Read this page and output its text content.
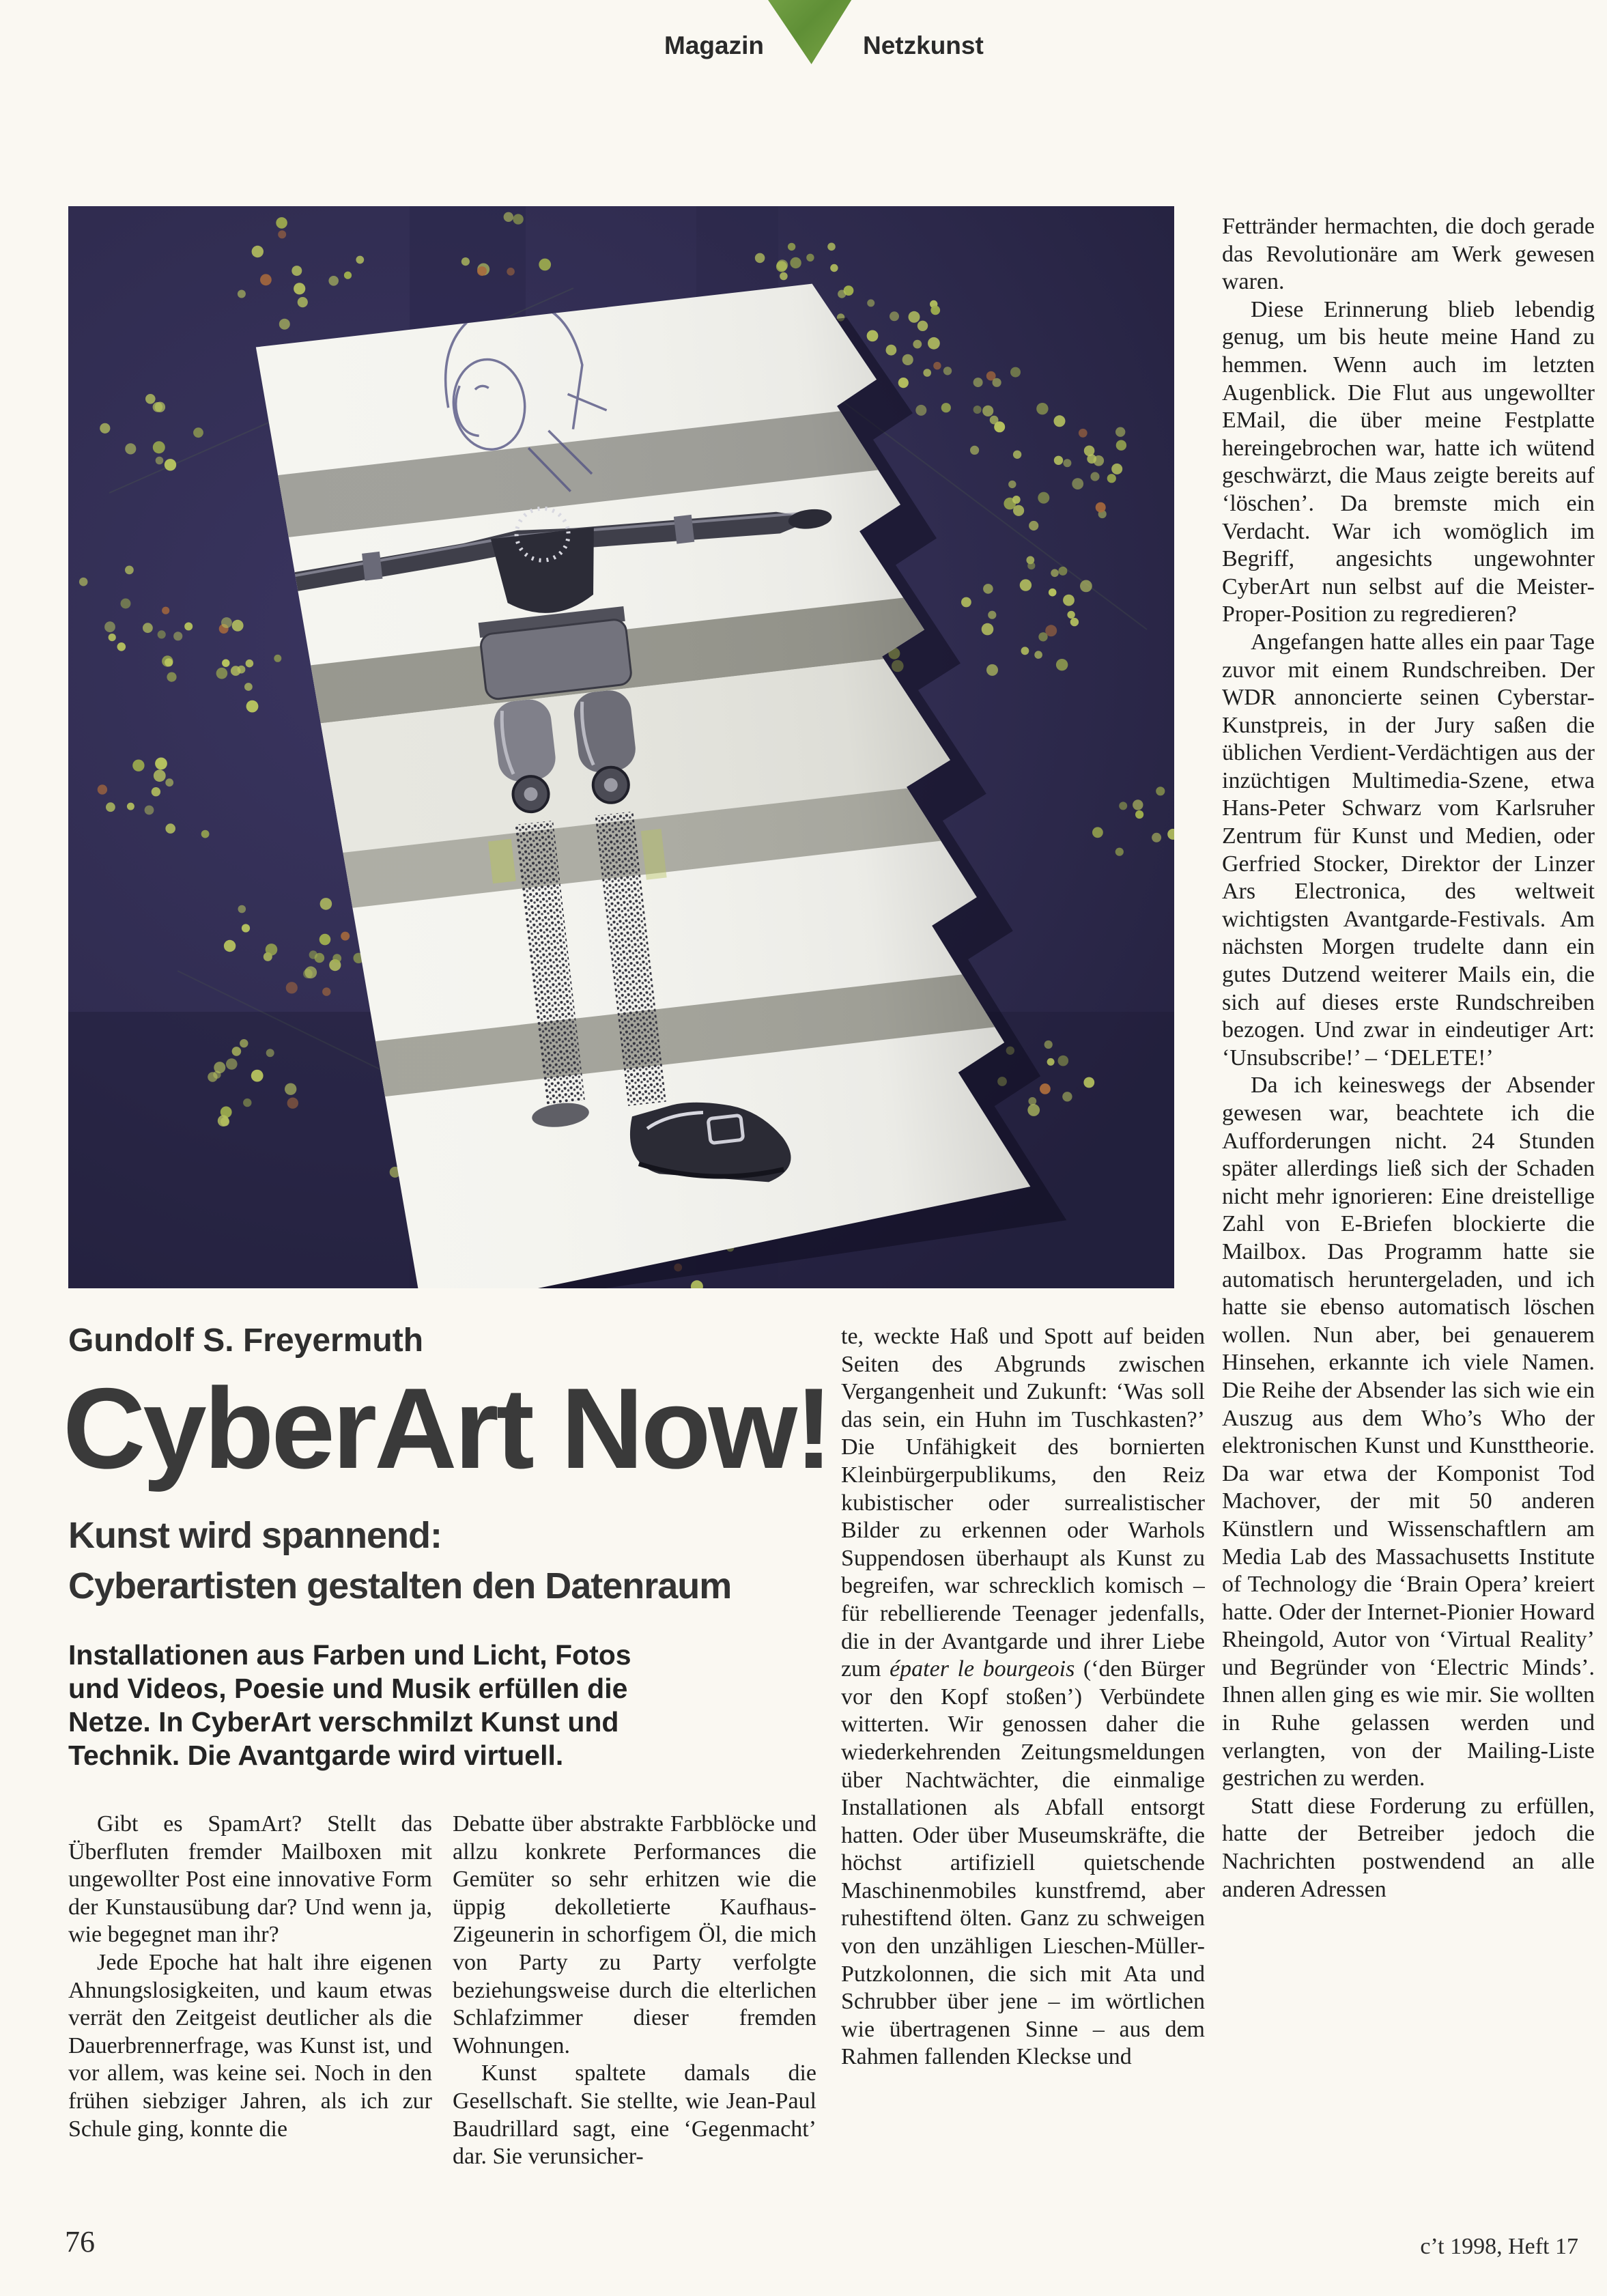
Magazin	Netzkunst

Fettränder hermachten, die doch gerade das Revolutionäre am Werk gewesen waren.

Diese Erinnerung blieb lebendig genug, um bis heute meine Hand zu hemmen. Wenn auch im letzten Augenblick. Die Flut aus ungewollter EMail, die über meine Festplatte hereingebrochen war, hatte ich wütend geschwärzt, die Maus zeigte bereits auf ‘löschen’. Da bremste mich ein Verdacht. War ich womöglich im Begriff, angesichts ungewohnter CyberArt nun selbst auf die Meister-Proper-Position zu regredieren?

Angefangen hatte alles ein paar Tage zuvor mit einem Rundschreiben. Der WDR annoncierte seinen Cyberstar-Kunstpreis, in der Jury saßen die üblichen Verdient-Verdächtigen aus der inzüchtigen Multimedia-Szene, etwa Hans-Peter Schwarz vom Karlsruher Zentrum für Kunst und Medien, oder Gerfried Stocker, Direktor der Linzer Ars Electronica, des weltweit wichtigsten Avantgarde-Festivals. Am nächsten Morgen trudelte dann ein gutes Dutzend weiterer Mails ein, die sich auf dieses erste Rundschreiben bezogen. Und zwar in eindeutiger Art: ‘Unsubscribe!’ – ‘DELETE!’

Da ich keineswegs der Absender gewesen war, beachtete ich die Aufforderungen nicht. 24 Stunden später allerdings ließ sich der Schaden nicht mehr ignorieren: Eine dreistellige Zahl von E-Briefen blockierte die Mailbox. Das Programm hatte sie automatisch heruntergeladen, und ich hatte sie ebenso automatisch löschen wollen. Nun aber, bei genauerem Hinsehen, erkannte ich viele Namen. Die Reihe der Absender las sich wie ein Auszug aus dem Who’s Who der elektronischen Kunst und Kunsttheorie. Da war etwa der Komponist Tod Machover, der mit 50 anderen Künstlern und Wissenschaftlern am Media Lab des Massachusetts Institute of Technology die ‘Brain Opera’ kreiert hatte. Oder der Internet-Pionier Howard Rheingold, Autor von ‘Virtual Reality’ und Begründer von ‘Electric Minds’. Ihnen allen ging es wie mir. Sie wollten in Ruhe gelassen werden und verlangten, von der Mailing-Liste gestrichen zu werden.

Statt diese Forderung zu erfüllen, hatte der Betreiber jedoch die Nachrichten postwendend an alle anderen Adressen

te, weckte Haß und Spott auf beiden Seiten des Abgrunds zwischen Vergangenheit und Zukunft: ‘Was soll das sein, ein Huhn im Tuschkasten?’ Die Unfähigkeit des bornierten Kleinbürgerpublikums, den Reiz kubistischer oder surrealistischer Bilder zu erkennen oder Warhols Suppendosen überhaupt als Kunst zu begreifen, war schrecklich komisch – für rebellierende Teenager jedenfalls, die in der Avantgarde und ihrer Liebe zum épater le bourgeois (‘den Bürger vor den Kopf stoßen’) Verbündete witterten. Wir genossen daher die wiederkehrenden Zeitungsmeldungen über Nachtwächter, die einmalige Installationen als Abfall entsorgt hatten. Oder über Museumskräfte, die höchst artifiziell quietschende Maschinenmobiles kunstfremd, aber ruhestiftend ölten. Ganz zu schweigen von den unzähligen Lieschen-Müller-Putzkolonnen, die sich mit Ata und Schrubber über jene – im wörtlichen wie übertragenen Sinne – aus dem Rahmen fallenden Kleckse und

Gibt es SpamArt? Stellt das Überfluten fremder Mailboxen mit ungewollter Post eine innovative Form der Kunstausübung dar? Und wenn ja, wie begegnet man ihr?

Jede Epoche hat halt ihre eigenen Ahnungslosigkeiten, und kaum etwas verrät den Zeitgeist deutlicher als die Dauerbrennerfrage, was Kunst ist, und vor allem, was keine sei. Noch in den frühen siebziger Jahren, als ich zur Schule ging, konnte die

Debatte über abstrakte Farbblöcke und allzu konkrete Performances die Gemüter so sehr erhitzen wie die üppig dekolletierte Kaufhaus-Zigeunerin in schorfigem Öl, die mich von Party zu Party verfolgte beziehungsweise durch die elterlichen Schlafzimmer dieser fremden Wohnungen.

Kunst spaltete damals die Gesellschaft. Sie stellte, wie Jean-Paul Baudrillard sagt, eine ‘Gegenmacht’ dar. Sie verunsicher-

Gundolf S. Freyermuth
CyberArt Now!
Kunst wird spannend:
Cyberartisten gestalten den Datenraum
Installationen aus Farben und Licht, Fotos und Videos, Poesie und Musik erfüllen die Netze. In CyberArt verschmilzt Kunst und Technik. Die Avantgarde wird virtuell.
76	c’t 1998, Heft 17
